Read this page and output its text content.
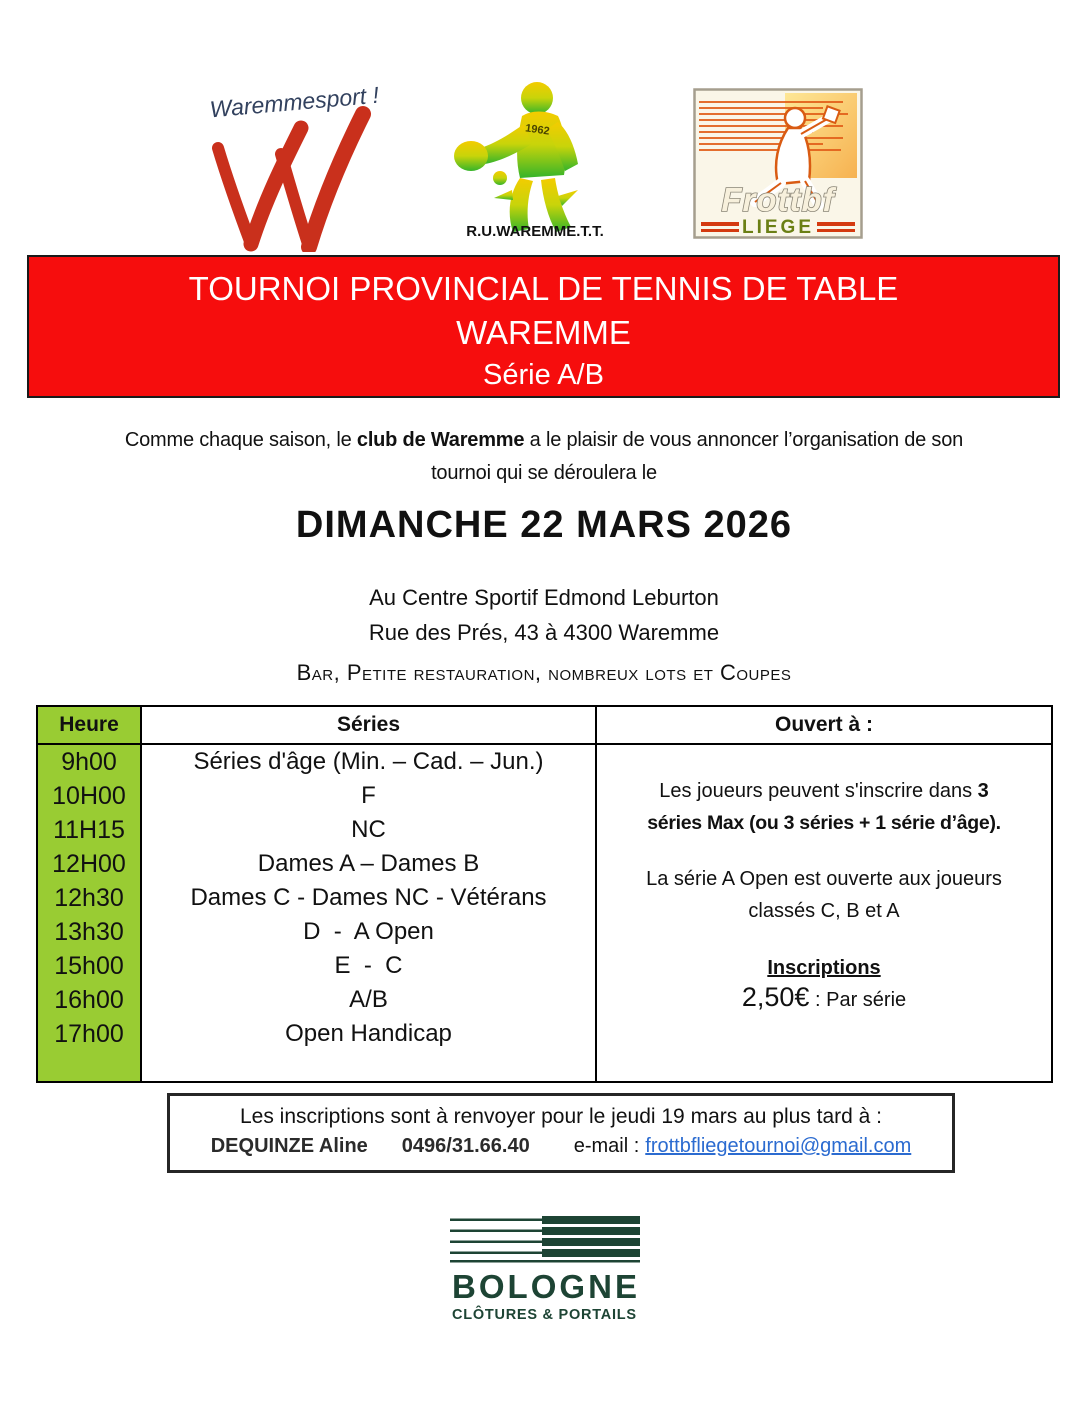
Waremmesport !
1962
R.U.WAREMME.T.T.
Frottbf
LIEGE
TOURNOI PROVINCIAL DE TENNIS DE TABLE
WAREMME
Série A/B
Comme chaque saison, le club de Waremme a le plaisir de vous annoncer l’organisation de son
tournoi qui se déroulera le
DIMANCHE 22 MARS 2026
Au Centre Sportif Edmond Leburton
Rue des Prés, 43 à 4300 Waremme
Bar, Petite restauration, nombreux lots et Coupes
Heure	Séries	Ouvert à :
9h00
10H00
11H15
12H00
12h30
13h30
15h00
16h00
17h00
Séries d'âge (Min. – Cad. – Jun.)
F
NC
Dames A – Dames B
Dames C - Dames NC - Vétérans
D  -  A Open
E  -  C
A/B
Open Handicap
Les joueurs peuvent s'inscrire dans 3
séries Max (ou 3 séries + 1 série d’âge).
La série A Open est ouverte aux joueurs
classés C, B et A
Inscriptions
2,50€ : Par série
Les inscriptions sont à renvoyer pour le jeudi 19 mars au plus tard à :
DEQUINZE Aline 0496/31.66.40 e-mail : frottbfliegetournoi@gmail.com
BOLOGNE
CLÔTURES & PORTAILS
